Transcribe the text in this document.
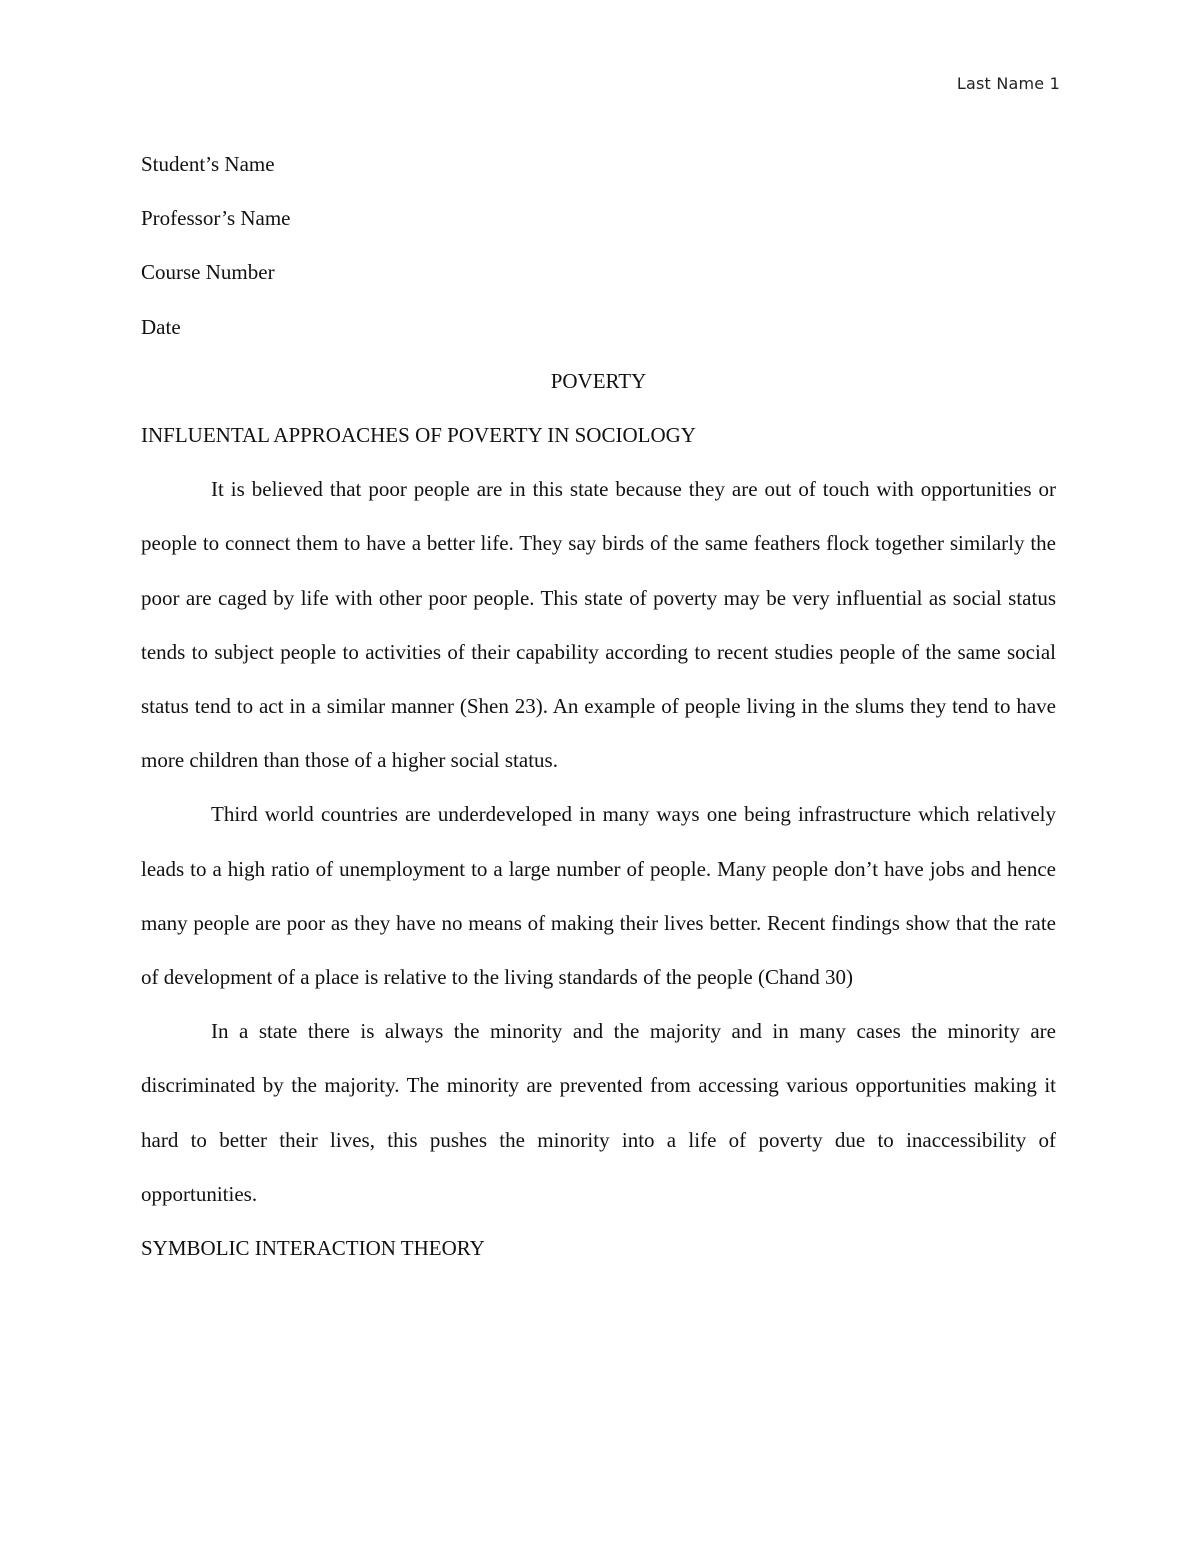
Last Name 1

Student’s Name

Professor’s Name

Course Number

Date

POVERTY

INFLUENTAL APPROACHES OF POVERTY IN SOCIOLOGY

It is believed that poor people are in this state because they are out of touch with opportunities or people to connect them to have a better life. They say birds of the same feathers flock together similarly the poor are caged by life with other poor people. This state of poverty may be very influential as social status tends to subject people to activities of their capability according to recent studies people of the same social status tend to act in a similar manner (Shen 23). An example of people living in the slums they tend to have more children than those of a higher social status.

Third world countries are underdeveloped in many ways one being infrastructure which relatively leads to a high ratio of unemployment to a large number of people. Many people don’t have jobs and hence many people are poor as they have no means of making their lives better. Recent findings show that the rate of development of a place is relative to the living standards of the people (Chand 30)

In a state there is always the minority and the majority and in many cases the minority are discriminated by the majority. The minority are prevented from accessing various opportunities making it hard to better their lives, this pushes the minority into a life of poverty due to inaccessibility of opportunities.

SYMBOLIC INTERACTION THEORY
